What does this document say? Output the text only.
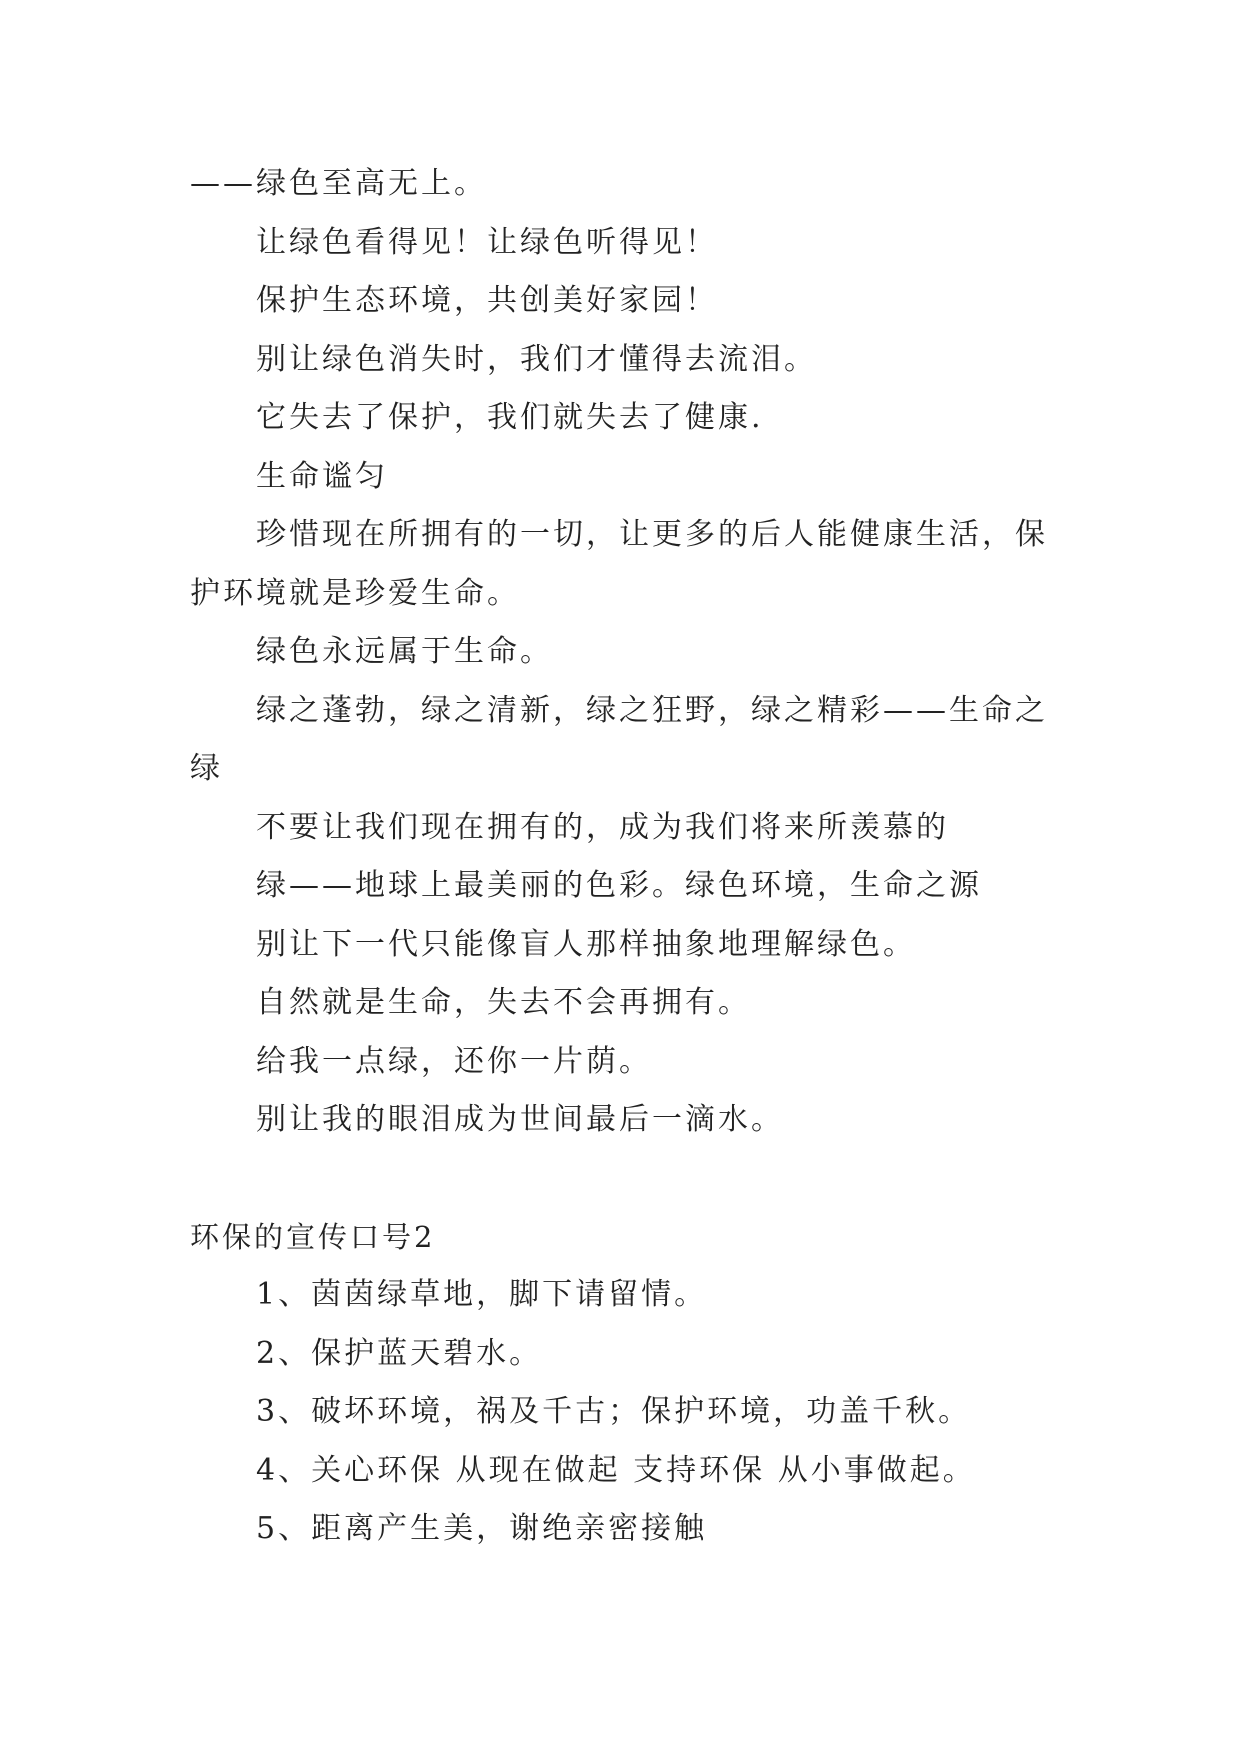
——绿色至高无上。

让绿色看得见！让绿色听得见！

保护生态环境，共创美好家园！

别让绿色消失时，我们才懂得去流泪。

它失去了保护，我们就失去了健康.

生命谧匀

珍惜现在所拥有的一切，让更多的后人能健康生活，保护环境就是珍爱生命。

绿色永远属于生命。

绿之蓬勃，绿之清新，绿之狂野，绿之精彩——生命之绿

不要让我们现在拥有的，成为我们将来所羡慕的

绿——地球上最美丽的色彩。绿色环境，生命之源

别让下一代只能像盲人那样抽象地理解绿色。

自然就是生命，失去不会再拥有。

给我一点绿，还你一片荫。

别让我的眼泪成为世间最后一滴水。

环保的宣传口号2

1、茵茵绿草地，脚下请留情。

2、保护蓝天碧水。

3、破坏环境，祸及千古；保护环境，功盖千秋。

4、关心环保 从现在做起 支持环保 从小事做起。

5、距离产生美，谢绝亲密接触
